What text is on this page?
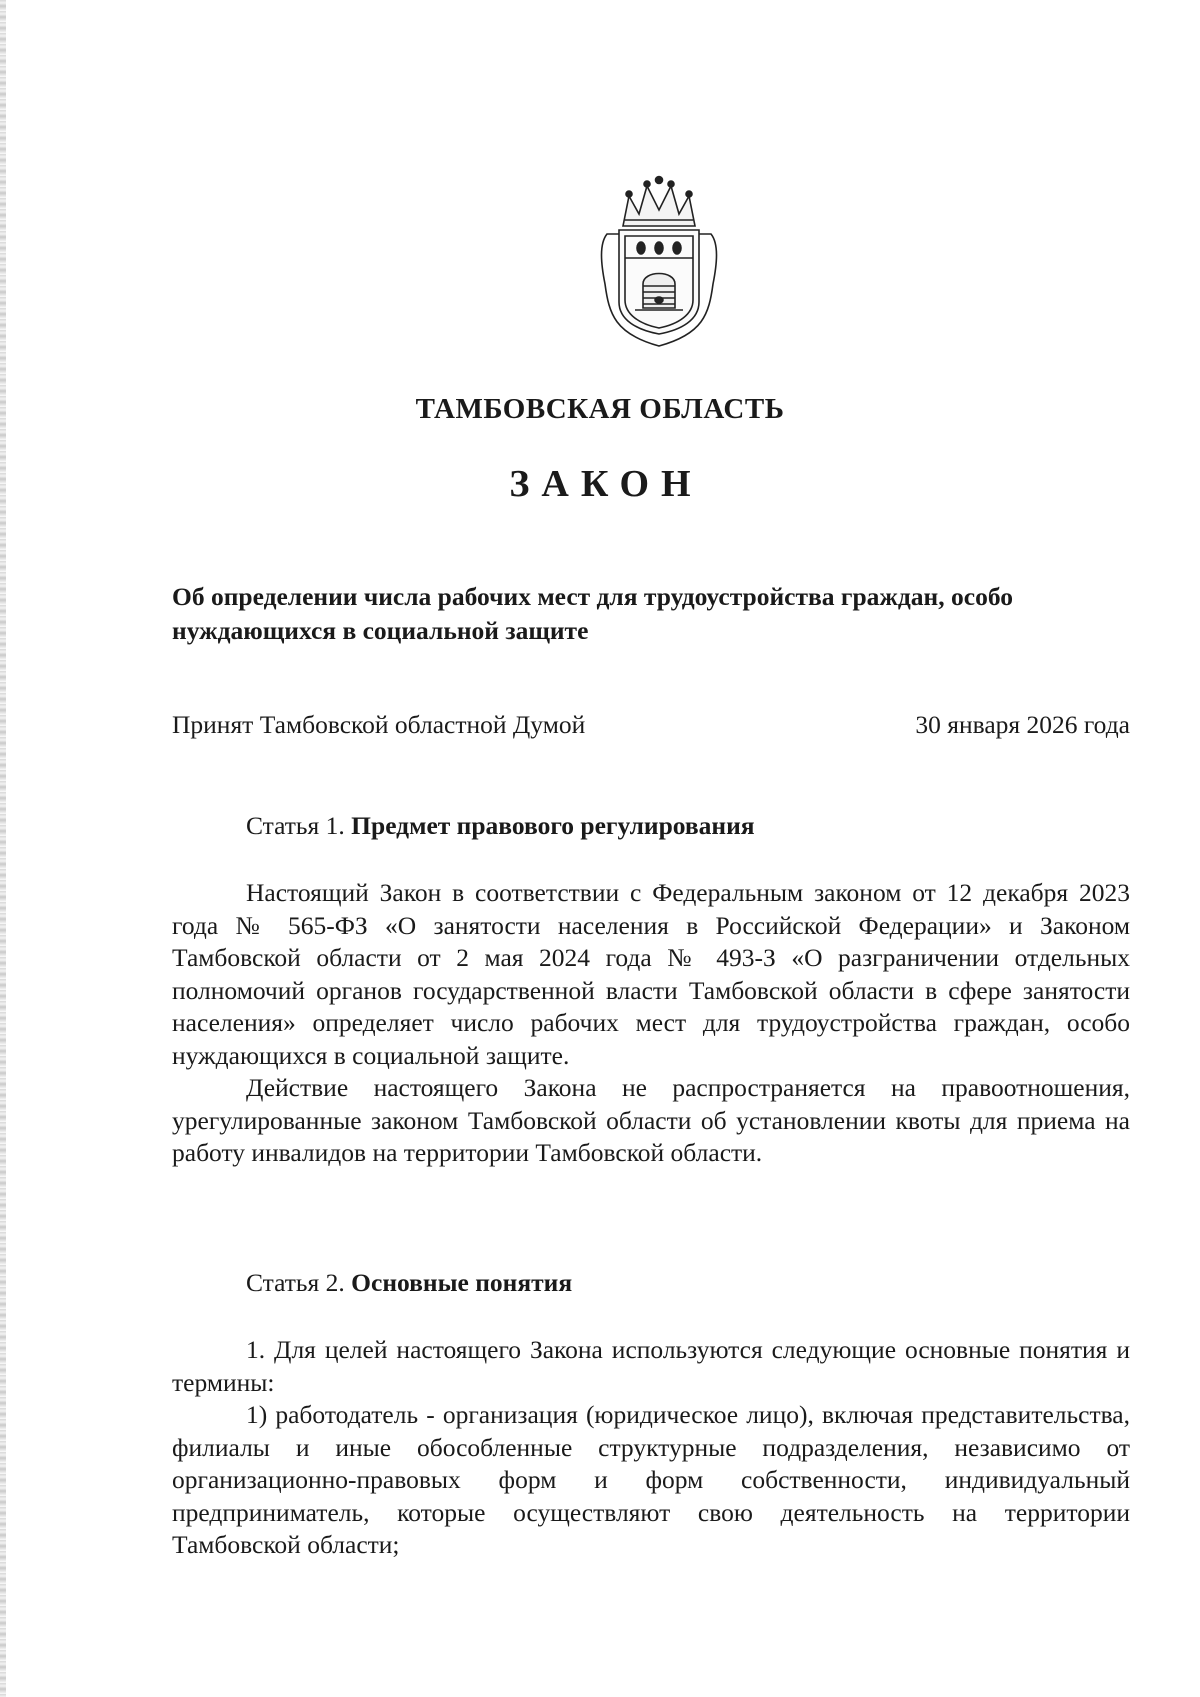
ТАМБОВСКАЯ ОБЛАСТЬ
ЗАКОН
Об определении числа рабочих мест для трудоустройства граждан, особо нуждающихся в социальной защите
Принят Тамбовской областной Думой	30 января 2026 года
Статья 1. Предмет правового регулирования

Настоящий Закон в соответствии с Федеральным законом от 12 декабря 2023 года № 565-ФЗ «О занятости населения в Российской Федерации» и Законом Тамбовской области от 2 мая 2024 года № 493-З «О разграничении отдельных полномочий органов государственной власти Тамбовской области в сфере занятости населения» определяет число рабочих мест для трудоустройства граждан, особо нуждающихся в социальной защите.

Действие настоящего Закона не распространяется на правоотношения, урегулированные законом Тамбовской области об установлении квоты для приема на работу инвалидов на территории Тамбовской области.

Статья 2. Основные понятия

1. Для целей настоящего Закона используются следующие основные понятия и термины:

1) работодатель - организация (юридическое лицо), включая представительства, филиалы и иные обособленные структурные подразделения, независимо от организационно-правовых форм и форм собственности, индивидуальный предприниматель, которые осуществляют свою деятельность на территории Тамбовской области;
